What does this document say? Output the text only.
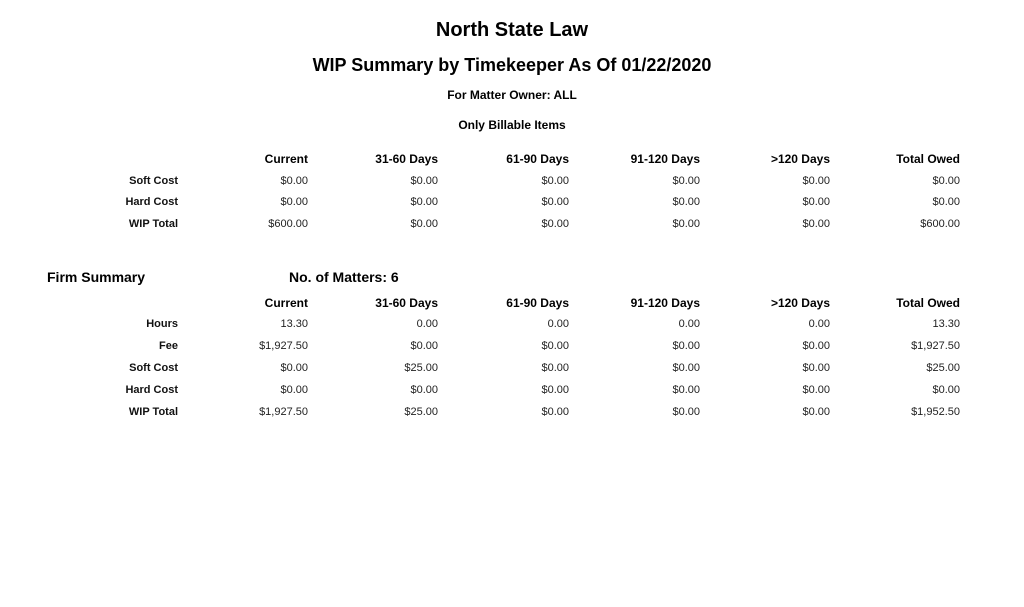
North State Law
WIP Summary by Timekeeper As Of 01/22/2020
For Matter Owner: ALL
Only Billable Items
Current	31-60 Days	61-90 Days	91-120 Days	>120 Days	Total Owed
Soft Cost	$0.00	$0.00	$0.00	$0.00	$0.00	$0.00
Hard Cost	$0.00	$0.00	$0.00	$0.00	$0.00	$0.00
WIP Total	$600.00	$0.00	$0.00	$0.00	$0.00	$600.00
Firm Summary	No. of Matters: 6
Current	31-60 Days	61-90 Days	91-120 Days	>120 Days	Total Owed
Hours	13.30	0.00	0.00	0.00	0.00	13.30
Fee	$1,927.50	$0.00	$0.00	$0.00	$0.00	$1,927.50
Soft Cost	$0.00	$25.00	$0.00	$0.00	$0.00	$25.00
Hard Cost	$0.00	$0.00	$0.00	$0.00	$0.00	$0.00
WIP Total	$1,927.50	$25.00	$0.00	$0.00	$0.00	$1,952.50
